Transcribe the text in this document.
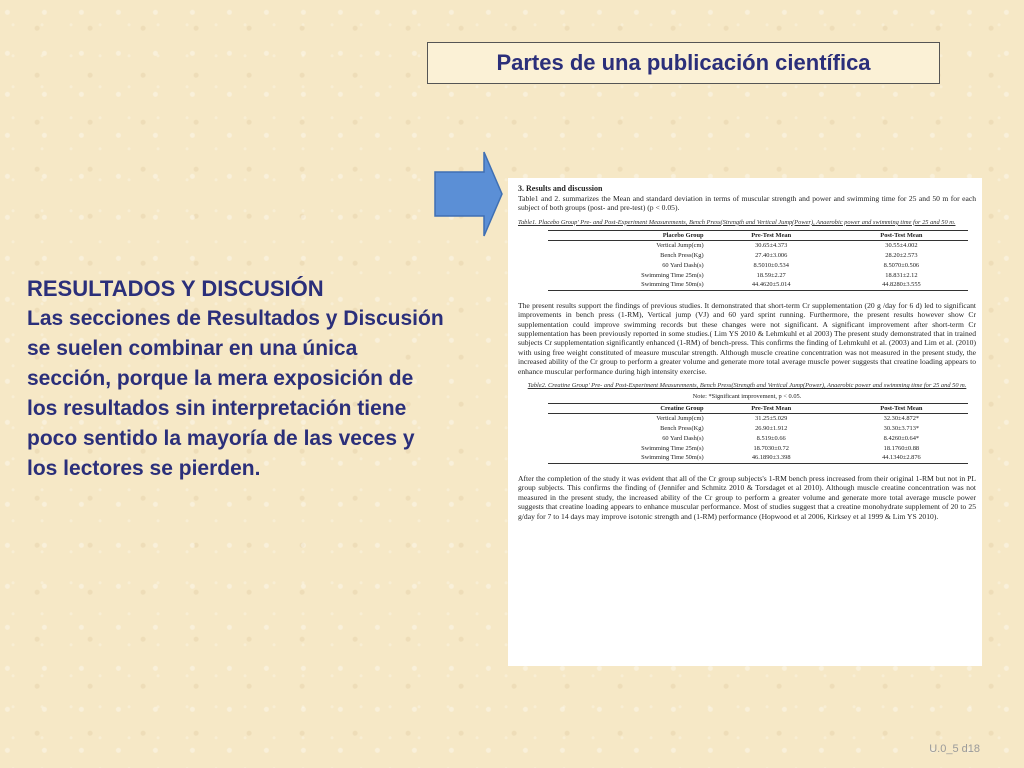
Partes de una publicación científica
RESULTADOS Y DISCUSIÓN
Las secciones de Resultados y Discusión se suelen combinar en una única sección, porque la mera exposición de los resultados sin interpretación tiene poco sentido la mayoría de las veces y los lectores se pierden.

3. Results and discussion

Table1 and 2. summarizes the Mean and standard deviation in terms of muscular strength and power and swimming time for 25 and 50 m for each subject of both groups (post- and pre-test) (p < 0.05).

Table1. Placebo Group' Pre- and Post-Experiment Measurements, Bench Press(Strength and Vertical Jump(Power), Anaerobic power and swimming time for 25 and 50 m.

Placebo Group	Pre-Test Mean	Post-Test Mean
Vertical Jump(cm)	30.65±4.373	30.55±4.002
Bench Press(Kg)	27.40±3.006	28.20±2.573
60 Yard Dash(s)	8.5010±0.534	8.5070±0.506
Swimming Time 25m(s)	18.59±2.27	18.831±2.12
Swimming Time 50m(s)	44.4620±5.014	44.8280±3.555

The present results support the findings of previous studies. It demonstrated that short-term Cr supplementation (20 g /day for 6 d) led to significant improvements in bench press (1-RM), Vertical jump (VJ) and 60 yard sprint running. Furthermore, the present results however show Cr supplementation could improve swimming records but these changes were not significant. A significant improvement after short-term Cr supplementation has been previously reported in some studies.( Lim YS 2010 & Lehmkuhl et al 2003) The present study demonstrated that in trained subjects Cr supplementation significantly enhanced (1-RM) of bench-press. This confirms the finding of Lehmkuhl et al. (2003) and Lim et al. (2010) with using free weight constituted of measure muscular strength. Although muscle creatine concentration was not measured in the present study, the increased ability of the Cr group to perform a greater volume and generate more total average muscle power suggests that creatine loading appears to enhance muscular performance during high intensity exercise.

Table2. Creatine Group' Pre- and Post-Experiment Measurements, Bench Press(Strength and Vertical Jump(Power), Anaerobic power and swimming time for 25 and 50 m.

Note: *Significant improvement, p < 0.05.

Creatine Group	Pre-Test Mean	Post-Test Mean
Vertical Jump(cm)	31.25±5.029	32.30±4.872*
Bench Press(Kg)	26.90±1.912	30.30±3.713*
60 Yard Dash(s)	8.519±0.66	8.4260±0.64*
Swimming Time 25m(s)	18.7030±0.72	18.1760±0.88
Swimming Time 50m(s)	46.1890±3.398	44.1340±2.876

After the completion of the study it was evident that all of the Cr group subjects's 1-RM bench press increased from their original 1-RM but not in PL group subjects. This confirms the finding of (Jennifer and Schmitz 2010 & Torsdaget et al 2010). Although muscle creatine concentration was not measured in the present study, the increased ability of the Cr group to perform a greater volume and generate more total average muscle power suggests that creatine loading appears to enhance muscular performance. Most of studies suggest that a creatine monohydrate supplement of 20 to 25 g/day for 7 to 14 days may improve isotonic strength and (1-RM) performance (Hopwood et al 2006, Kirksey et al 1999 & Lim YS 2010).

U.0_5 d18
